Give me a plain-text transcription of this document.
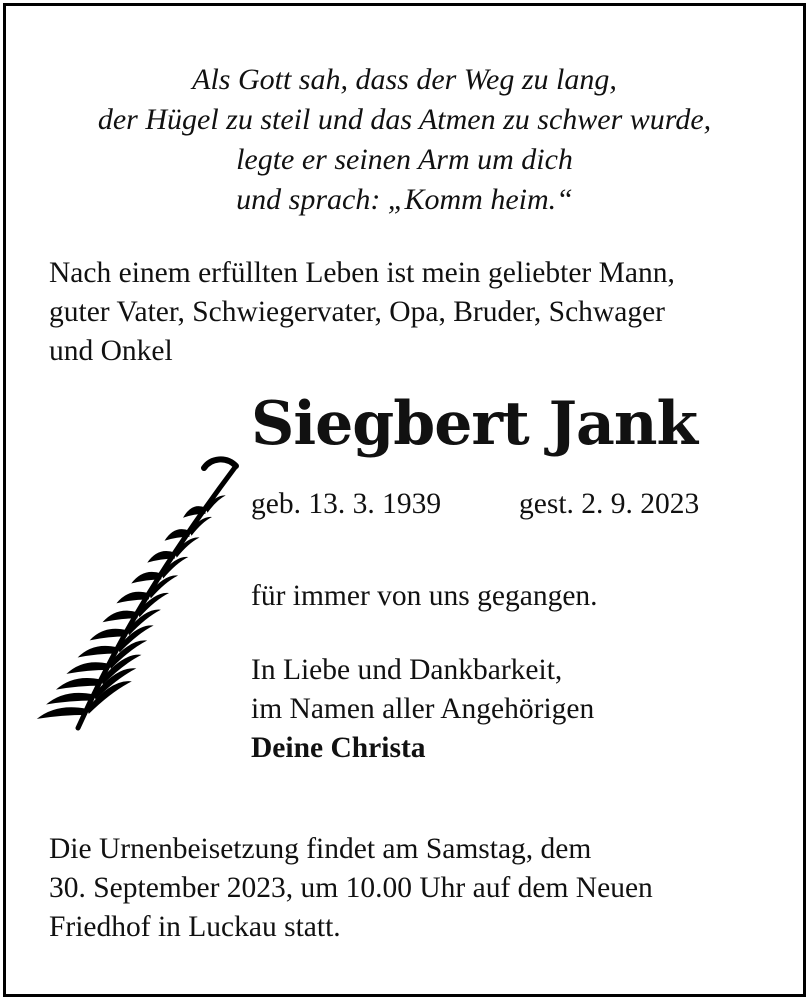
Als Gott sah, dass der Weg zu lang,
der Hügel zu steil und das Atmen zu schwer wurde,
legte er seinen Arm um dich
und sprach: „Komm heim.“
Nach einem erfüllten Leben ist mein geliebter Mann,
guter Vater, Schwiegervater, Opa, Bruder, Schwager
und Onkel
Siegbert Jank
geb. 13. 3. 1939	gest. 2. 9. 2023
für immer von uns gegangen.
In Liebe und Dankbarkeit,
im Namen aller Angehörigen
Deine Christa
Die Urnenbeisetzung findet am Samstag, dem
30. September 2023, um 10.00 Uhr auf dem Neuen
Friedhof in Luckau statt.
